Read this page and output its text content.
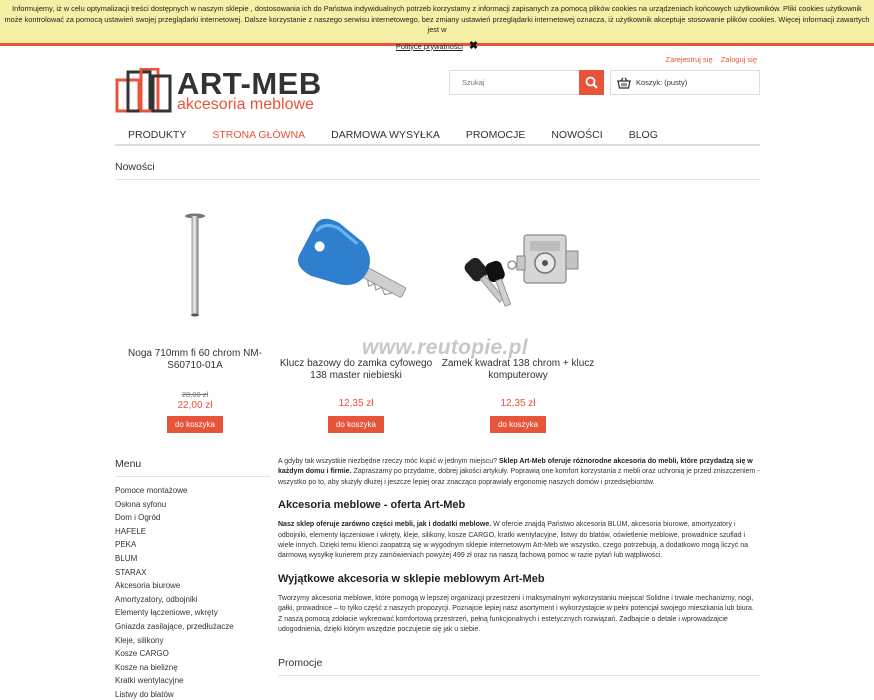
Informujemy, iż w celu optymalizacji treści dostępnych w naszym sklepie , dostosowania ich do Państwa indywidualnych potrzeb korzystamy z informacji zapisanych za pomocą plików cookies na urządzeniach końcowych użytkowników. Pliki cookies użytkownik może kontrolować za pomocą ustawień swojej przeglądarki internetowej. Dalsze korzystanie z naszego serwisu internetowego, bez zmiany ustawień przeglądarki internetowej oznacza, iż użytkownik akceptuje stosowanie plików cookies. Więcej informacji zawartych jest w
Polityce prywatności ✖
Zarejestruj się Zaloguj się
ART-MEB
akcesoria meblowe
Szukaj
Koszyk: (pusty)
PRODUKTY	STRONA GŁÓWNA	DARMOWA WYSYŁKA	PROMOCJE	NOWOŚCI	BLOG
Nowości
Noga 710mm fi 60 chrom NM-S60710-01A
28,00 zł
22,00 zł
do koszyka
Klucz bazowy do zamka cyfowego 138 master niebieski
12,35 zł
do koszyka
Zamek kwadrat 138 chrom + klucz komputerowy
12,35 zł
do koszyka
www.reutopie.pl
Menu
Pomoce montażowe
Osłona syfonu
Dom i Ogród
HAFELE
PEKA
BLUM
STARAX
Akcesoria biurowe
Amortyzatory, odbojniki
Elementy łączeniowe, wkręty
Gniazda zasilające, przedłużacze
Kleje, silikony
Kosze CARGO
Kosze na bieliznę
Kratki wentylacyjne
Listwy do blatów
A gdyby tak wszystkie niezbędne rzeczy móc kupić w jednym miejscu? Sklep Art-Meb oferuje różnorodne akcesoria do mebli, które przydadzą się w każdym domu i firmie. Zapraszamy po przydatne, dobrej jakości artykuły. Poprawią one komfort korzystania z mebli oraz uchronią je przed zniszczeniem - wszystko po to, aby służyły dłużej i jeszcze lepiej oraz znacząco poprawiały ergonomię naszych domów i przedsiębiorstw.
Akcesoria meblowe - oferta Art-Meb
Nasz sklep oferuje zarówno części mebli, jak i dodatki meblowe. W ofercie znajdą Państwo akcesoria BLUM, akcesoria biurowe, amortyzatory i odbojniki, elementy łączeniowe i wkręty, kleje, silikony, kosze CARGO, kratki wentylacyjne, listwy do blatów, oświetlenie meblowe, prowadnice szuflad i wiele innych. Dzięki temu klienci zaopatrzą się w wygodnym sklepie internetowym Art-Meb we wszystko, czego potrzebują, a dodatkowo mogą liczyć na darmową wysyłkę kurierem przy zamówieniach powyżej 499 zł oraz na naszą fachową pomoc w razie pytań lub wątpliwości.
Wyjątkowe akcesoria w sklepie meblowym Art-Meb
Tworzymy akcesoria meblowe, które pomogą w lepszej organizacji przestrzeni i maksymalnym wykorzystaniu miejsca! Solidne i trwałe mechanizmy, nogi, gałki, prowadnice – to tylko część z naszych propozycji. Poznajcie lepiej nasz asortyment i wykorzystajcie w pełni potencjał swojego mieszkania lub biura. Z naszą pomocą zdołacie wykreować komfortową przestrzeń, pełną funkcjonalnych i estetycznych rozwiązań. Zadbajcie o detale i wprowadzajcie udogodnienia, dzięki którym wszędzie poczujecie się jak u siebie.
Promocje
